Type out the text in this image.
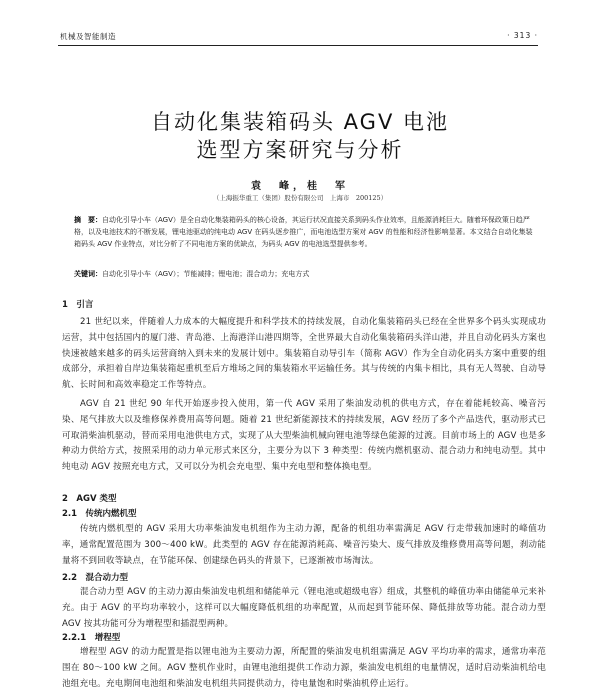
机械及智能制造	· 313 ·
自动化集装箱码头 AGV 电池
选型方案研究与分析
袁　峰，桂　军
（上海振华重工（集团）股份有限公司　上海市　200125）
摘　要：自动化引导小车（AGV）是全自动化集装箱码头的核心设备，其运行状况直接关系到码头作业效率，且能源消耗巨大。随着环保政策日趋严格，以及电池技术的不断发展，锂电池驱动的纯电动 AGV 在码头逐步推广，而电池选型方案对 AGV 的性能和经济性影响显著。本文结合自动化集装箱码头 AGV 作业特点，对比分析了不同电池方案的优缺点，为码头 AGV 的电池选型提供参考。
关键词：自动化引导小车（AGV）；节能减排；锂电池；混合动力；充电方式
1　引言
21 世纪以来，伴随着人力成本的大幅度提升和科学技术的持续发展，自动化集装箱码头已经在全世界多个码头实现成功运营，其中包括国内的厦门港、青岛港、上海港洋山港四期等，全世界最大自动化集装箱码头洋山港，并且自动化码头方案也快速被越来越多的码头运营商纳入到未来的发展计划中。集装箱自动导引车（简称 AGV）作为全自动化码头方案中重要的组成部分，承担着自岸边集装箱起重机至后方堆场之间的集装箱水平运输任务。其与传统的内集卡相比，具有无人驾驶、自动导航、长时间和高效率稳定工作等特点。
AGV 自 21 世纪 90 年代开始逐步投入使用，第一代 AGV 采用了柴油发动机的供电方式，存在着能耗较高、噪音污染、尾气排放大以及维修保养费用高等问题。随着 21 世纪新能源技术的持续发展，AGV 经历了多个产品迭代，驱动形式已可取消柴油机驱动，替而采用电池供电方式，实现了从大型柴油机械向锂电池等绿色能源的过渡。目前市场上的 AGV 也是多种动力供给方式，按照采用的动力单元形式来区分，主要分为以下 3 种类型：传统内燃机驱动、混合动力和纯电动型。其中纯电动 AGV 按照充电方式，又可以分为机会充电型、集中充电型和整体换电型。
2　AGV 类型
2.1　传统内燃机型
传统内燃机型的 AGV 采用大功率柴油发电机组作为主动力源，配备的机组功率需满足 AGV 行走带载加速时的峰值功率，通常配置范围为 300～400 kW。此类型的 AGV 存在能源消耗高、噪音污染大、废气排放及维修费用高等问题，刹动能量将不到回收等缺点，在节能环保、创建绿色码头的背景下，已逐渐被市场淘汰。
2.2　混合动力型
混合动力型 AGV 的主动力源由柴油发电机组和储能单元（锂电池或超级电容）组成，其整机的峰值功率由储能单元来补充。由于 AGV 的平均功率较小，这样可以大幅度降低机组的功率配置，从而起到节能环保、降低排放等功能。混合动力型 AGV 按其功能可分为增程型和插混型两种。
2.2.1　增程型
增程型 AGV 的动力配置是指以锂电池为主要动力源，所配置的柴油发电机组需满足 AGV 平均功率的需求，通常功率范围在 80～100 kW 之间。AGV 整机作业时，由锂电池组提供工作动力源，柴油发电机组的电量情况，适时启动柴油机给电池组充电。充电期间电池组和柴油发电机组共同提供动力，待电量饱和时柴油机停止运行。
